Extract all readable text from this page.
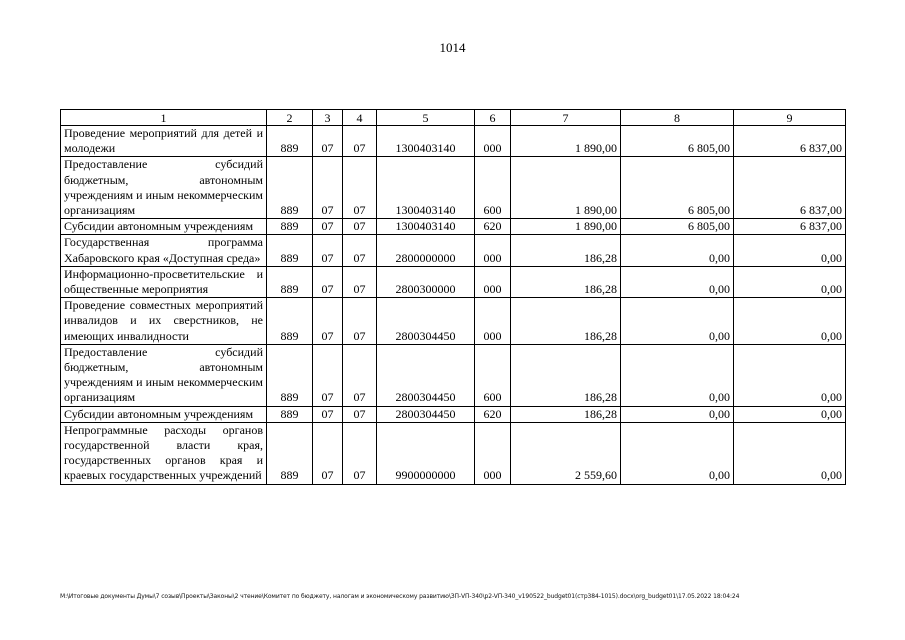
1014
1	2	3	4	5	6	7	8	9
Проведение мероприятий для детей и молодежи	889	07	07	1300403140	000	1 890,00	6 805,00	6 837,00
Предоставление субсидий бюджетным, автономным учреждениям и иным некоммерческим организациям	889	07	07	1300403140	600	1 890,00	6 805,00	6 837,00
Субсидии автономным учреждениям	889	07	07	1300403140	620	1 890,00	6 805,00	6 837,00
Государственная программа Хабаровского края «Доступная среда»	889	07	07	2800000000	000	186,28	0,00	0,00
Информационно-просветительские и общественные мероприятия	889	07	07	2800300000	000	186,28	0,00	0,00
Проведение совместных мероприятий инвалидов и их сверстников, не имеющих инвалидности	889	07	07	2800304450	000	186,28	0,00	0,00
Предоставление субсидий бюджетным, автономным учреждениям и иным некоммерческим организациям	889	07	07	2800304450	600	186,28	0,00	0,00
Субсидии автономным учреждениям	889	07	07	2800304450	620	186,28	0,00	0,00
Непрограммные расходы органов государственной власти края, государственных органов края и краевых государственных учреждений	889	07	07	9900000000	000	2 559,60	0,00	0,00
M:\Итоговые документы Думы\7 созыв\Проекты\Законы\2 чтение\Комитет по бюджету, налогам и экономическому развитию\ЗП-VП-340\p2-VП-340_v190522_budget01(стр384-1015).docx\org_budget01\17.05.2022 18:04:24
